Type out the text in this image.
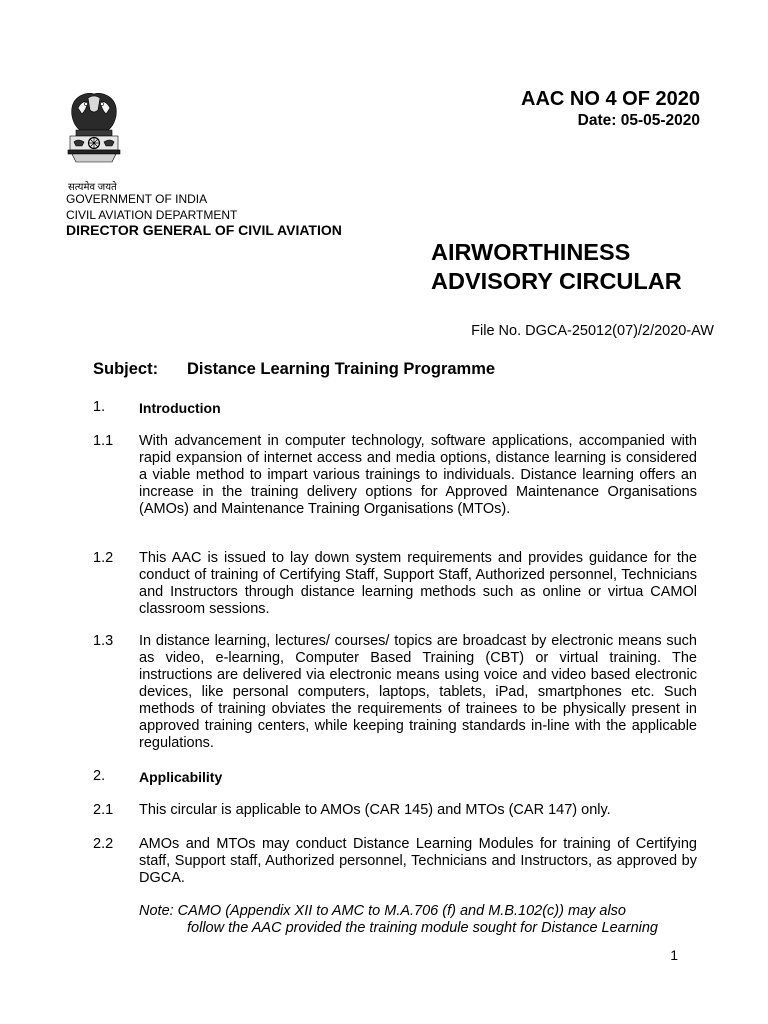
सत्यमेव जयते
GOVERNMENT OF INDIA
CIVIL AVIATION DEPARTMENT
DIRECTOR GENERAL OF CIVIL AVIATION
AAC NO 4 OF 2020
Date: 05-05-2020
AIRWORTHINESS
ADVISORY CIRCULAR
File No. DGCA-25012(07)/2/2020-AW
Subject: Distance Learning Training Programme
1. Introduction
1.1 With advancement in computer technology, software applications, accompanied with rapid expansion of internet access and media options, distance learning is considered a viable method to impart various trainings to individuals. Distance learning offers an increase in the training delivery options for Approved Maintenance Organisations (AMOs) and Maintenance Training Organisations (MTOs).
1.2 This AAC is issued to lay down system requirements and provides guidance for the conduct of training of Certifying Staff, Support Staff, Authorized personnel, Technicians and Instructors through distance learning methods such as online or virtua CAMOl classroom sessions.
1.3 In distance learning, lectures/ courses/ topics are broadcast by electronic means such as video, e-learning, Computer Based Training (CBT) or virtual training. The instructions are delivered via electronic means using voice and video based electronic devices, like personal computers, laptops, tablets, iPad, smartphones etc. Such methods of training obviates the requirements of trainees to be physically present in approved training centers, while keeping training standards in-line with the applicable regulations.
2. Applicability
2.1 This circular is applicable to AMOs (CAR 145) and MTOs (CAR 147) only.
2.2 AMOs and MTOs may conduct Distance Learning Modules for training of Certifying staff, Support staff, Authorized personnel, Technicians and Instructors, as approved by DGCA.
Note: CAMO (Appendix XII to AMC to M.A.706 (f) and M.B.102(c)) may also
follow the AAC provided the training module sought for Distance Learning
1
